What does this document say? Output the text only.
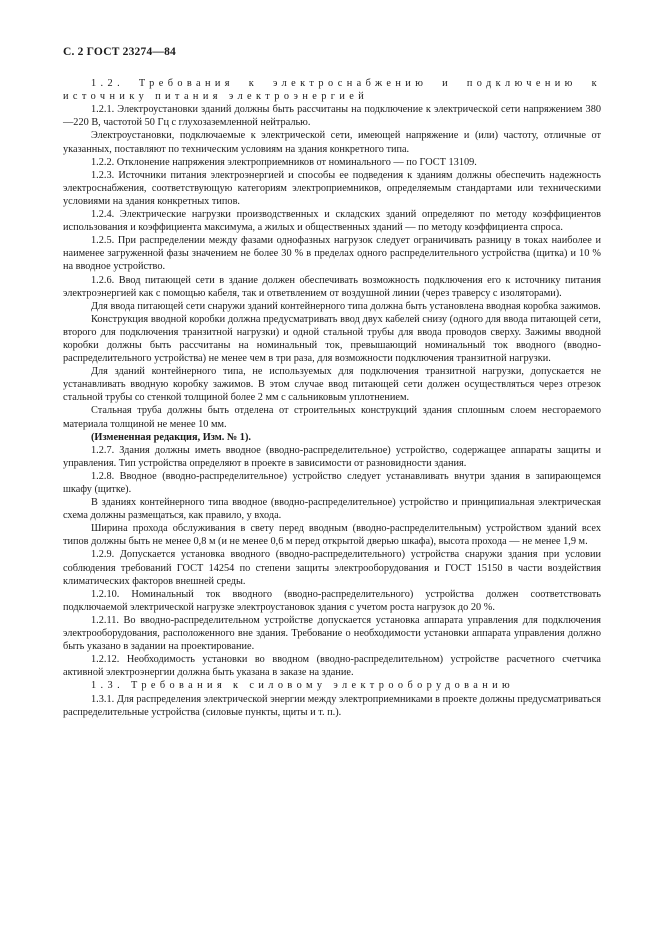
С. 2 ГОСТ 23274—84

1.2. Требования к электроснабжению и подключению к источнику питания электроэнергией

1.2.1. Электроустановки зданий должны быть рассчитаны на подключение к электрической сети напряжением 380—220 В, частотой 50 Гц с глухозаземленной нейтралью.

Электроустановки, подключаемые к электрической сети, имеющей напряжение и (или) частоту, отличные от указанных, поставляют по техническим условиям на здания конкретного типа.

1.2.2. Отклонение напряжения электроприемников от номинального — по ГОСТ 13109.

1.2.3. Источники питания электроэнергией и способы ее подведения к зданиям должны обеспечить надежность электроснабжения, соответствующую категориям электроприемников, определяемым стандартами или техническими условиями на здания конкретных типов.

1.2.4. Электрические нагрузки производственных и складских зданий определяют по методу коэффициентов использования и коэффициента максимума, а жилых и общественных зданий — по методу коэффициента спроса.

1.2.5. При распределении между фазами однофазных нагрузок следует ограничивать разницу в токах наиболее и наименее загруженной фазы значением не более 30 % в пределах одного распределительного устройства (щитка) и 10 % на вводное устройство.

1.2.6. Ввод питающей сети в здание должен обеспечивать возможность подключения его к источнику питания электроэнергией как с помощью кабеля, так и ответвлением от воздушной линии (через траверсу с изоляторами).

Для ввода питающей сети снаружи зданий контейнерного типа должна быть установлена вводная коробка зажимов.

Конструкция вводной коробки должна предусматривать ввод двух кабелей снизу (одного для ввода питающей сети, второго для подключения транзитной нагрузки) и одной стальной трубы для ввода проводов сверху. Зажимы вводной коробки должны быть рассчитаны на номинальный ток, превышающий номинальный ток вводного (вводно-распределительного устройства) не менее чем в три раза, для возможности подключения транзитной нагрузки.

Для зданий контейнерного типа, не используемых для подключения транзитной нагрузки, допускается не устанавливать вводную коробку зажимов. В этом случае ввод питающей сети должен осуществляться через отрезок стальной трубы со стенкой толщиной более 2 мм с сальниковым уплотнением.

Стальная труба должны быть отделена от строительных конструкций здания сплошным слоем несгораемого материала толщиной не менее 10 мм.

(Измененная редакция, Изм. № 1).

1.2.7. Здания должны иметь вводное (вводно-распределительное) устройство, содержащее аппараты защиты и управления. Тип устройства определяют в проекте в зависимости от разновидности здания.

1.2.8. Вводное (вводно-распределительное) устройство следует устанавливать внутри здания в запирающемся шкафу (щитке).

В зданиях контейнерного типа вводное (вводно-распределительное) устройство и принципиальная электрическая схема должны размещаться, как правило, у входа.

Ширина прохода обслуживания в свету перед вводным (вводно-распределительным) устройством зданий всех типов должны быть не менее 0,8 м (и не менее 0,6 м перед открытой дверью шкафа), высота прохода — не менее 1,9 м.

1.2.9. Допускается установка вводного (вводно-распределительного) устройства снаружи здания при условии соблюдения требований ГОСТ 14254 по степени защиты электрооборудования и ГОСТ 15150 в части воздействия климатических факторов внешней среды.

1.2.10. Номинальный ток вводного (вводно-распределительного) устройства должен соответствовать подключаемой электрической нагрузке электроустановок здания с учетом роста нагрузок до 20 %.

1.2.11. Во вводно-распределительном устройстве допускается установка аппарата управления для подключения электрооборудования, расположенного вне здания. Требование о необходимости установки аппарата управления должно быть указано в задании на проектирование.

1.2.12. Необходимость установки во вводном (вводно-распределительном) устройстве расчетного счетчика активной электроэнергии должна быть указана в заказе на здание.

1.3. Требования к силовому электрооборудованию

1.3.1. Для распределения электрической энергии между электроприемниками в проекте должны предусматриваться распределительные устройства (силовые пункты, щиты и т. п.).
